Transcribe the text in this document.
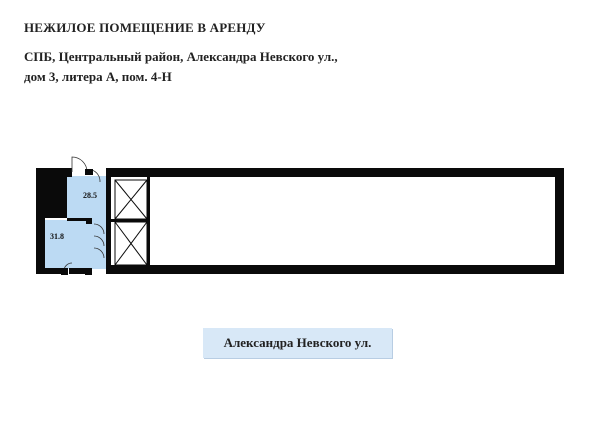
НЕЖИЛОЕ ПОМЕЩЕНИЕ В АРЕНДУ
СПБ, Центральный район, Александра Невского ул.,
дом 3, литера А, пом. 4-Н
28.5
31.8
Александра Невского ул.
